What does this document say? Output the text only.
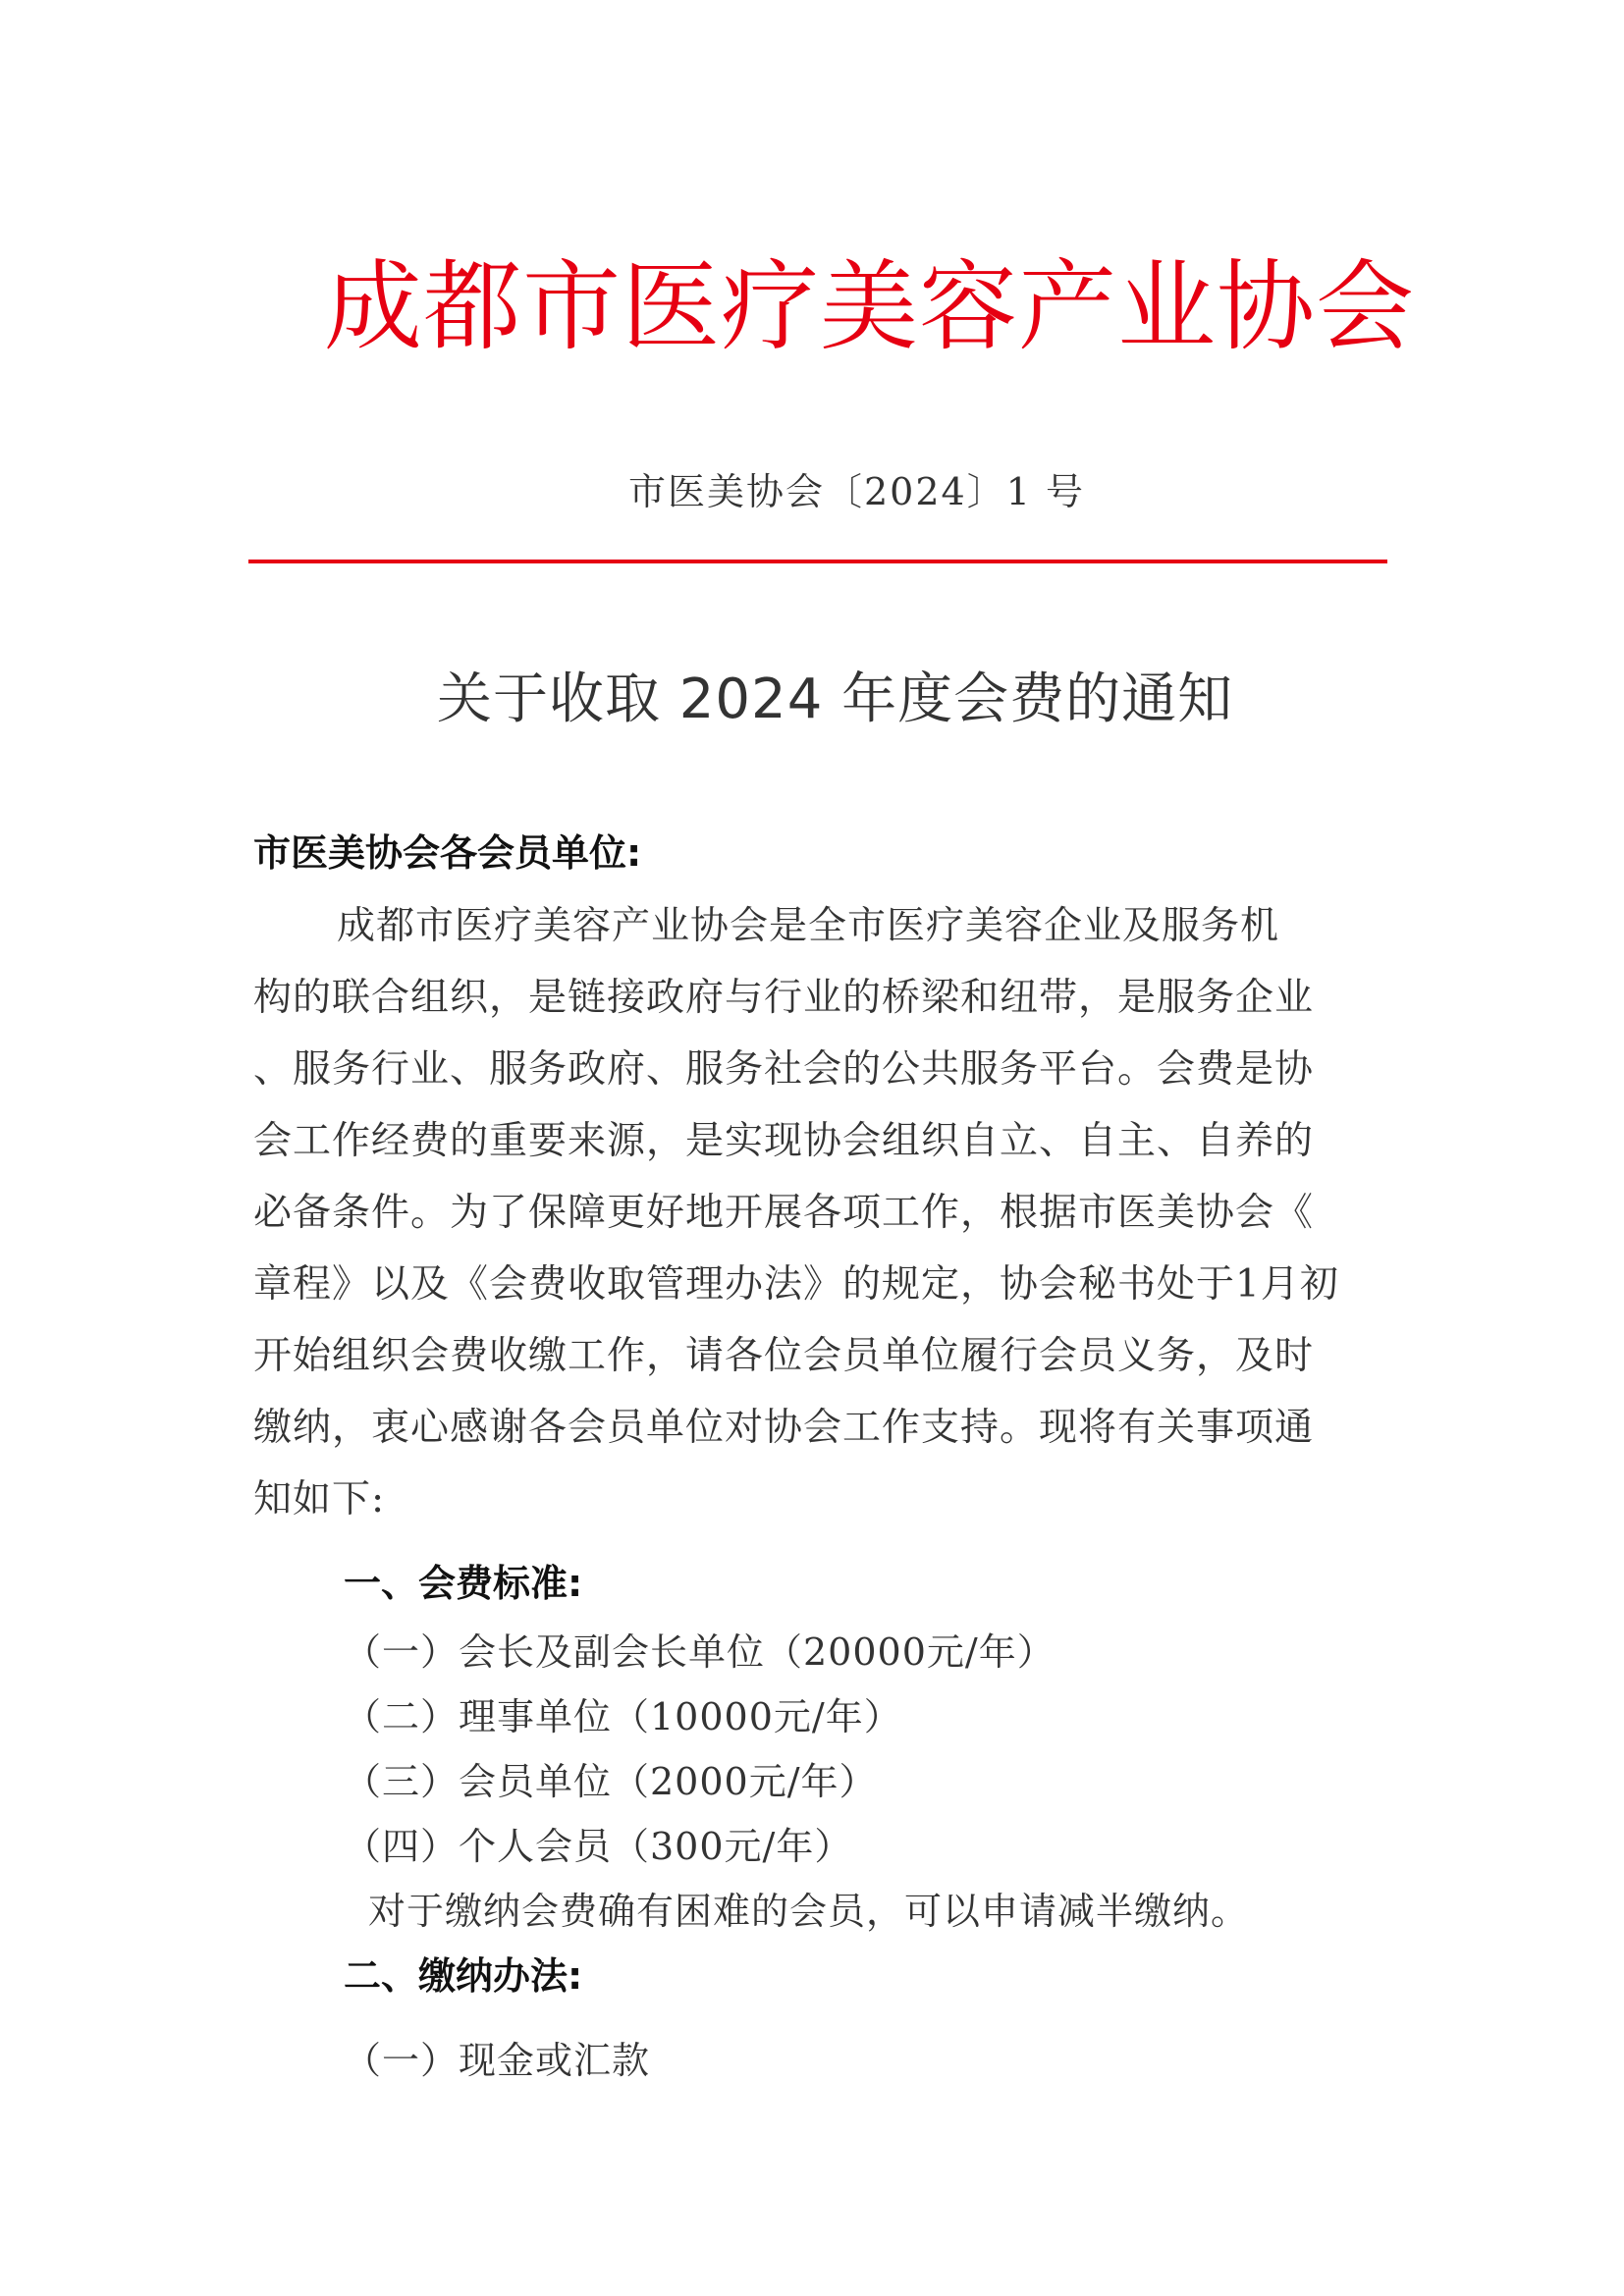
成都市医疗美容产业协会
市医美协会〔2024〕1 号
关于收取 2024 年度会费的通知
市医美协会各会员单位:
成都市医疗美容产业协会是全市医疗美容企业及服务机
构的联合组织，是链接政府与行业的桥梁和纽带，是服务企业
、服务行业、服务政府、服务社会的公共服务平台。会费是协
会工作经费的重要来源，是实现协会组织自立、自主、自养的
必备条件。为了保障更好地开展各项工作，根据市医美协会《
章程》以及《会费收取管理办法》的规定，协会秘书处于1月初
开始组织会费收缴工作，请各位会员单位履行会员义务，及时
缴纳，衷心感谢各会员单位对协会工作支持。现将有关事项通
知如下:
一、会费标准:
（一）会长及副会长单位（20000元/年）
（二）理事单位（10000元/年）
（三）会员单位（2000元/年）
（四）个人会员（300元/年）
对于缴纳会费确有困难的会员，可以申请减半缴纳。
二、缴纳办法:
（一）现金或汇款
